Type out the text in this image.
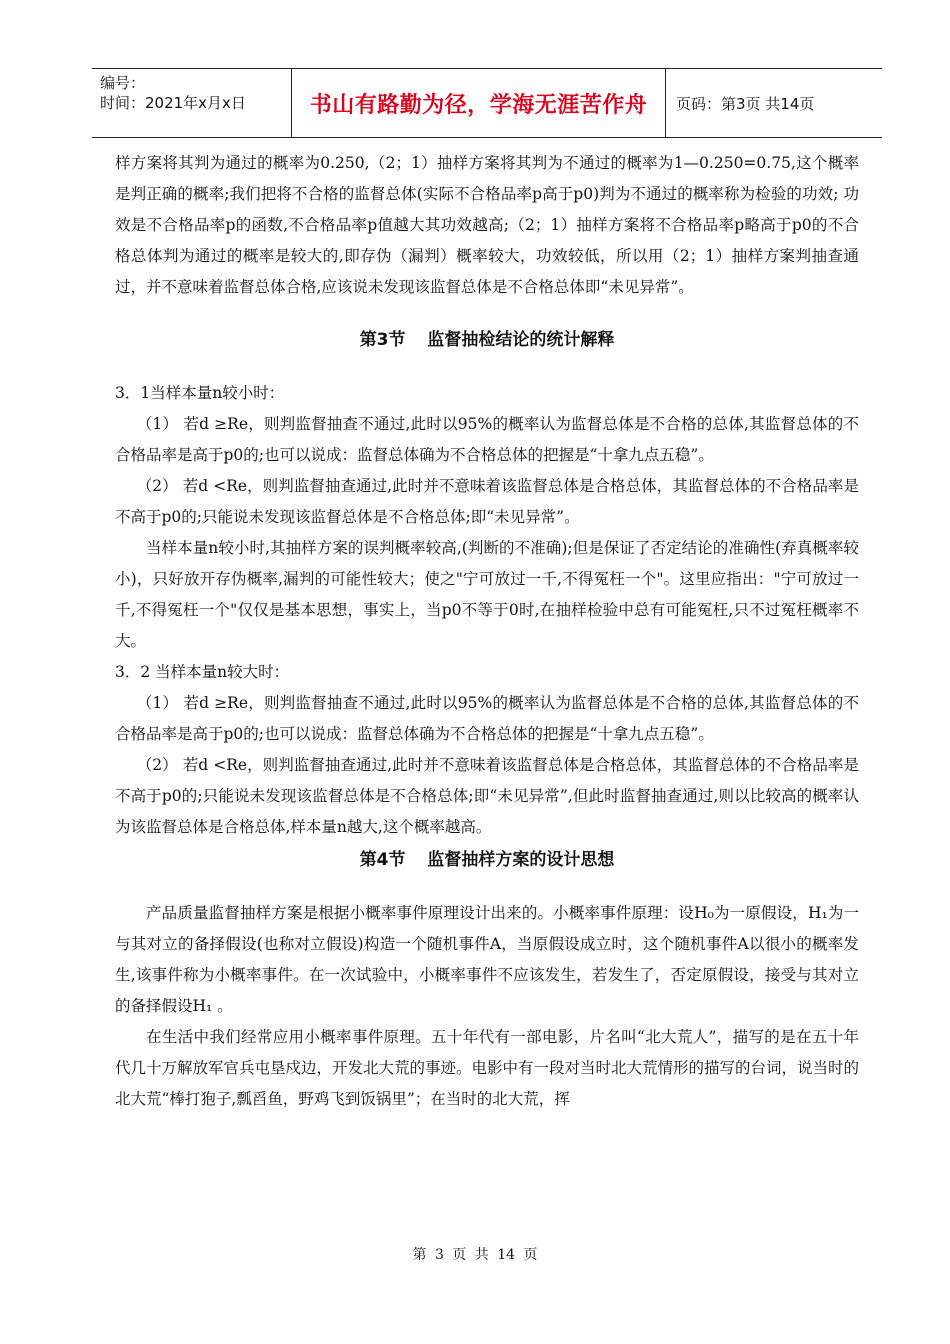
编号：
时间：2021年x月x日	书山有路勤为径，学海无涯苦作舟	页码：第3页 共14页

样方案将其判为通过的概率为0.250,（2；1）抽样方案将其判为不通过的概率为1—0.250=0.75,这个概率是判正确的概率;我们把将不合格的监督总体(实际不合格品率p高于p0)判为不通过的概率称为检验的功效; 功效是不合格品率p的函数,不合格品率p值越大其功效越高;（2；1）抽样方案将不合格品率p略高于p0的不合格总体判为通过的概率是较大的,即存伪（漏判）概率较大，功效较低，所以用（2；1）抽样方案判抽查通过，并不意味着监督总体合格,应该说未发现该监督总体是不合格总体即“未见异常”。

第3节 监督抽检结论的统计解释

3．1当样本量n较小时：

（1） 若d ≥Re，则判监督抽查不通过,此时以95%的概率认为监督总体是不合格的总体,其监督总体的不合格品率是高于p0的;也可以说成：监督总体确为不合格总体的把握是“十拿九点五稳”。

（2） 若d <Re，则判监督抽查通过,此时并不意味着该监督总体是合格总体，其监督总体的不合格品率是不高于p0的;只能说未发现该监督总体是不合格总体;即“未见异常”。

当样本量n较小时,其抽样方案的误判概率较高,(判断的不准确);但是保证了否定结论的准确性(弃真概率较小)，只好放开存伪概率,漏判的可能性较大；使之"宁可放过一千,不得冤枉一个"。这里应指出："宁可放过一千,不得冤枉一个"仅仅是基本思想，事实上，当p0不等于0时,在抽样检验中总有可能冤枉,只不过冤枉概率不大。

3．2 当样本量n较大时：

（1） 若d ≥Re，则判监督抽查不通过,此时以95%的概率认为监督总体是不合格的总体,其监督总体的不合格品率是高于p0的;也可以说成：监督总体确为不合格总体的把握是“十拿九点五稳”。

（2） 若d <Re，则判监督抽查通过,此时并不意味着该监督总体是合格总体，其监督总体的不合格品率是不高于p0的;只能说未发现该监督总体是不合格总体;即“未见异常”,但此时监督抽查通过,则以比较高的概率认为该监督总体是合格总体,样本量n越大,这个概率越高。

第4节 监督抽样方案的设计思想

产品质量监督抽样方案是根据小概率事件原理设计出来的。小概率事件原理：设H₀为一原假设，H₁为一与其对立的备择假设(也称对立假设)构造一个随机事件A，当原假设成立时，这个随机事件A以很小的概率发生,该事件称为小概率事件。在一次试验中，小概率事件不应该发生，若发生了，否定原假设，接受与其对立的备择假设H₁ 。

在生活中我们经常应用小概率事件原理。五十年代有一部电影，片名叫“北大荒人”，描写的是在五十年代几十万解放军官兵屯垦戍边，开发北大荒的事迹。电影中有一段对当时北大荒情形的描写的台词，说当时的北大荒“棒打狍子,瓢舀鱼，野鸡飞到饭锅里”；在当时的北大荒，挥

第 3 页 共 14 页
